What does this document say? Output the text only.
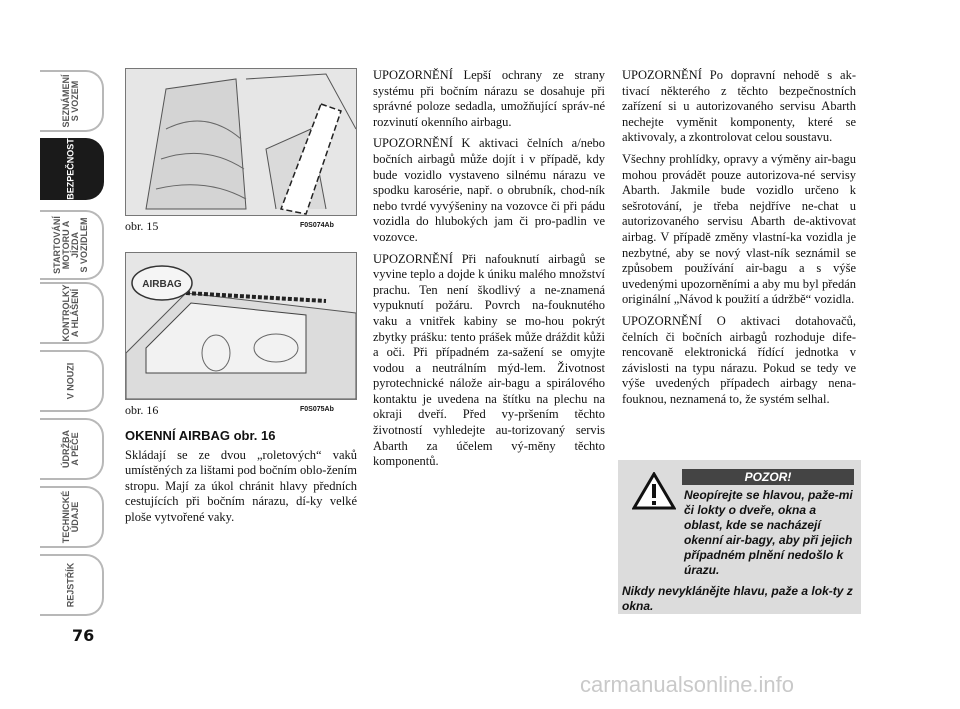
SEZNÁMENÍ
S VOZEM
BEZPEČNOST
STARTOVÁNÍ
MOTORU A JÍZDA
S VOZIDLEM
KONTROLKY
A HLÁŠENÍ
V NOUZI
ÚDRŽBA
A PÉČE
TECHNICKÉ
ÚDAJE
REJSTŘÍK
76
obr. 15	F0S074Ab
AIRBAG
obr. 16	F0S075Ab

OKENNÍ AIRBAG obr. 16

Skládají se ze dvou „roletových“ vaků umístěných za lištami pod bočním oblo-žením stropu. Mají za úkol chránit hlavy předních cestujících při bočním nárazu, dí-ky velké ploše vytvořené vaky.

UPOZORNĚNÍ Lepší ochrany ze strany systému při bočním nárazu se dosahuje při správné poloze sedadla, umožňující správ-né rozvinutí okenního airbagu.

UPOZORNĚNÍ K aktivaci čelních a/nebo bočních airbagů může dojít i v případě, kdy bude vozidlo vystaveno silnému nárazu ve spodku karosérie, např. o obrubník, chod-ník nebo tvrdé vyvýšeniny na vozovce či při pádu vozidla do hlubokých jam či pro-padlin ve vozovce.

UPOZORNĚNÍ Při nafouknutí airbagů se vyvine teplo a dojde k úniku malého množství prachu. Ten není škodlivý a ne-znamená vypuknutí požáru. Povrch na-fouknutého vaku a vnitřek kabiny se mo-hou pokrýt zbytky prášku: tento prášek může dráždit kůži a oči. Při případném za-sažení se omyjte vodou a neutrálním mýd-lem. Životnost pyrotechnické nálože air-bagu a spirálového kontaktu je uvedena na štítku na plechu na okraji dveří. Před vy-pršením těchto životností vyhledejte au-torizovaný servis Abarth za účelem vý-měny těchto komponentů.

UPOZORNĚNÍ Po dopravní nehodě s ak-tivací některého z těchto bezpečnostních zařízení si u autorizovaného servisu Abarth nechejte vyměnit komponenty, které se aktivovaly, a zkontrolovat celou soustavu.

Všechny prohlídky, opravy a výměny air-bagu mohou provádět pouze autorizova-né servisy Abarth. Jakmile bude vozidlo určeno k sešrotování, je třeba nejdříve ne-chat u autorizovaného servisu Abarth de-aktivovat airbag. V případě změny vlastní-ka vozidla je nezbytné, aby se nový vlast-ník seznámil se způsobem používání air-bagu a s výše uvedenými upozorněními a aby mu byl předán originální „Návod k použití a údržbě“ vozidla.

UPOZORNĚNÍ O aktivaci dotahovačů, čelních či bočních airbagů rozhoduje dife-rencovaně elektronická řídící jednotka v závislosti na typu nárazu. Pokud se tedy ve výše uvedených případech airbagy nena-fouknou, neznamená to, že systém selhal.

POZOR!

Neopírejte se hlavou, paže-mi či lokty o dveře, okna a oblast, kde se nacházejí okenní air-bagy, aby při jejich případném plnění nedošlo k úrazu.

Nikdy nevyklánějte hlavu, paže a lok-ty z okna.

carmanualsonline.info
